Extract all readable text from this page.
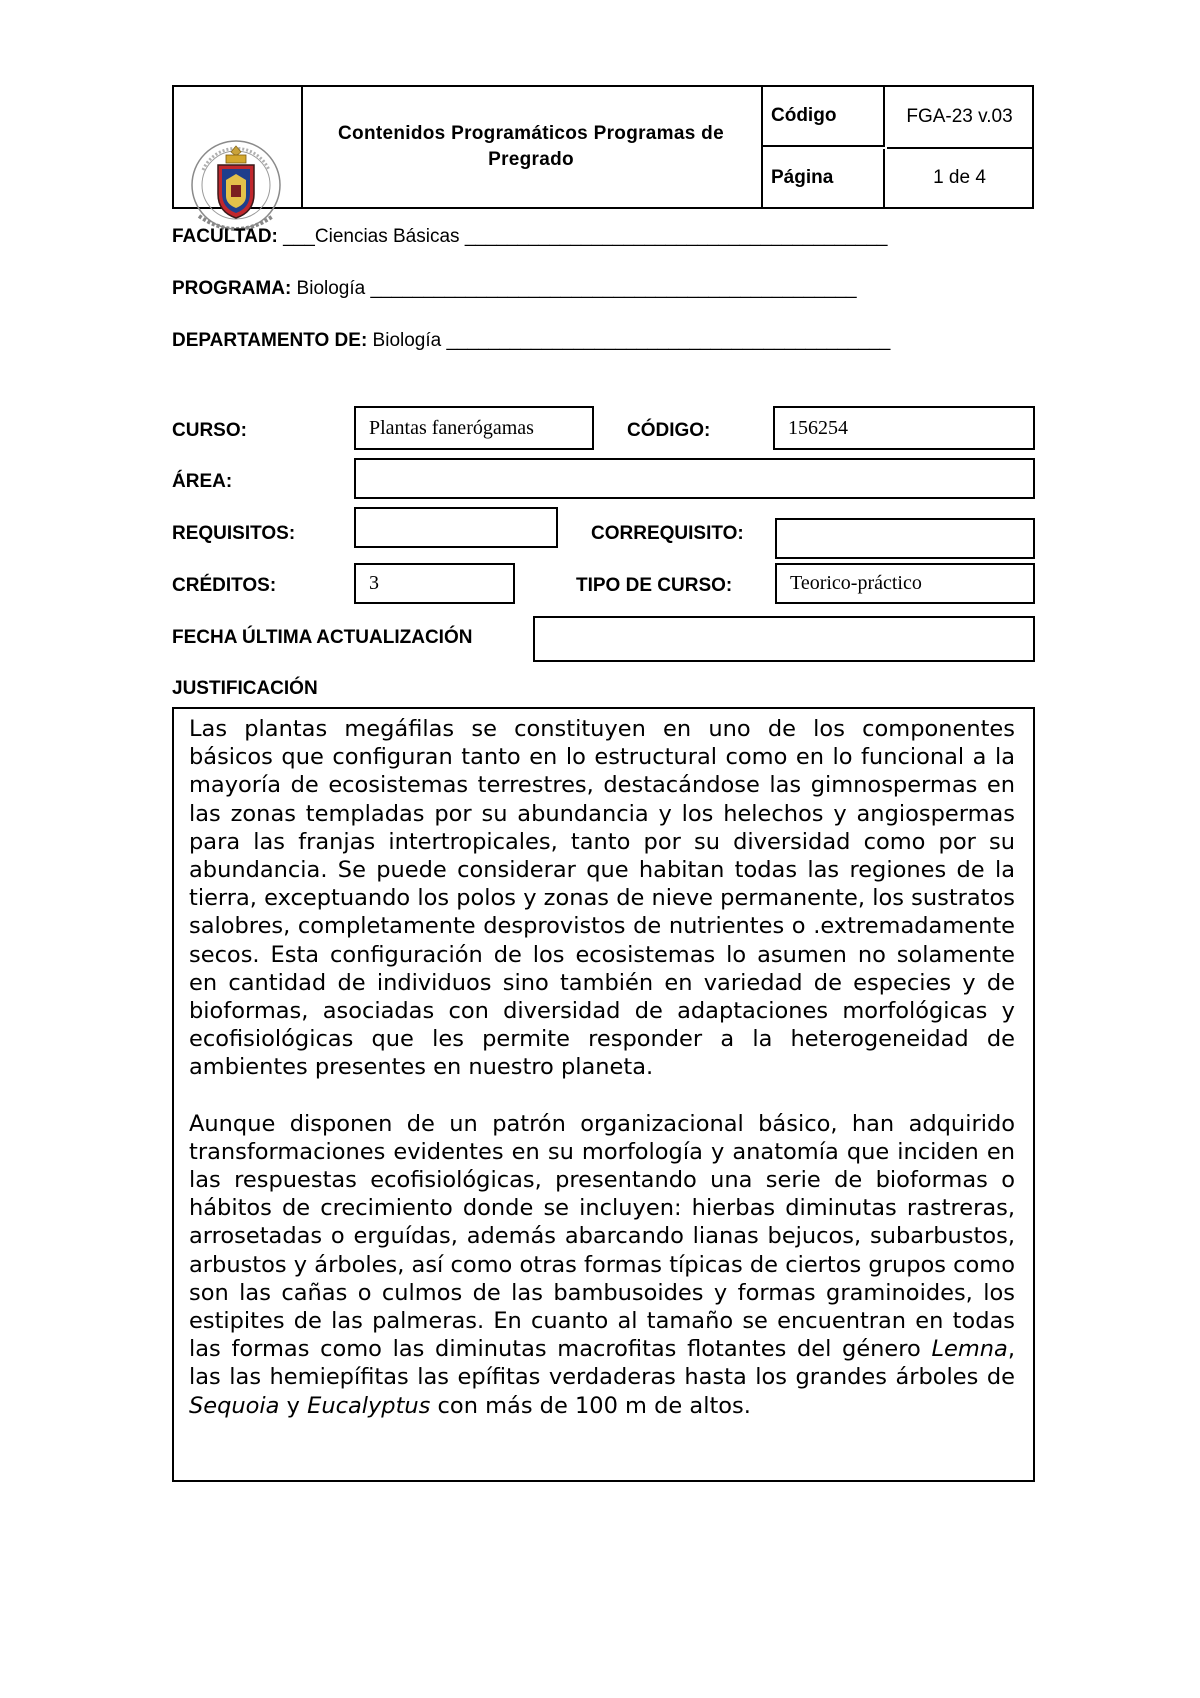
Contenidos Programáticos Programas de Pregrado
Código	FGA-23 v.03
Página	1 de 4
FACULTAD: ___Ciencias Básicas ________________________________________
PROGRAMA: Biología ______________________________________________
DEPARTAMENTO DE: Biología __________________________________________
CURSO:	Plantas fanerógamas	CÓDIGO:	156254
ÁREA:
REQUISITOS:	CORREQUISITO:
CRÉDITOS:	3	TIPO DE CURSO:	Teorico-práctico
FECHA ÚLTIMA ACTUALIZACIÓN
JUSTIFICACIÓN

Las plantas megáfilas se constituyen en uno de los componentes básicos que configuran tanto en lo estructural como en lo funcional a la mayoría de ecosistemas terrestres, destacándose las gimnospermas en las zonas templadas por su abundancia y los helechos y angiospermas para las franjas intertropicales, tanto por su diversidad como por su abundancia. Se puede considerar que habitan todas las regiones de la tierra, exceptuando los polos y zonas de nieve permanente, los sustratos salobres, completamente desprovistos de nutrientes o .extremadamente secos. Esta configuración de los ecosistemas lo asumen no solamente en cantidad de individuos sino también en variedad de especies y de bioformas, asociadas con diversidad de adaptaciones morfológicas y ecofisiológicas que les permite responder a la heterogeneidad de ambientes presentes en nuestro planeta.

Aunque disponen de un patrón organizacional básico, han adquirido transformaciones evidentes en su morfología y anatomía que inciden en las respuestas ecofisiológicas, presentando una serie de bioformas o hábitos de crecimiento donde se incluyen: hierbas diminutas rastreras, arrosetadas o erguídas, además abarcando lianas bejucos, subarbustos, arbustos y árboles, así como otras formas típicas de ciertos grupos como son las cañas o culmos de las bambusoides y formas graminoides, los estipites de las palmeras. En cuanto al tamaño se encuentran en todas las formas como las diminutas macrofitas flotantes del género Lemna, las las hemiepífitas las epífitas verdaderas hasta los grandes árboles de Sequoia y Eucalyptus con más de 100 m de altos.
